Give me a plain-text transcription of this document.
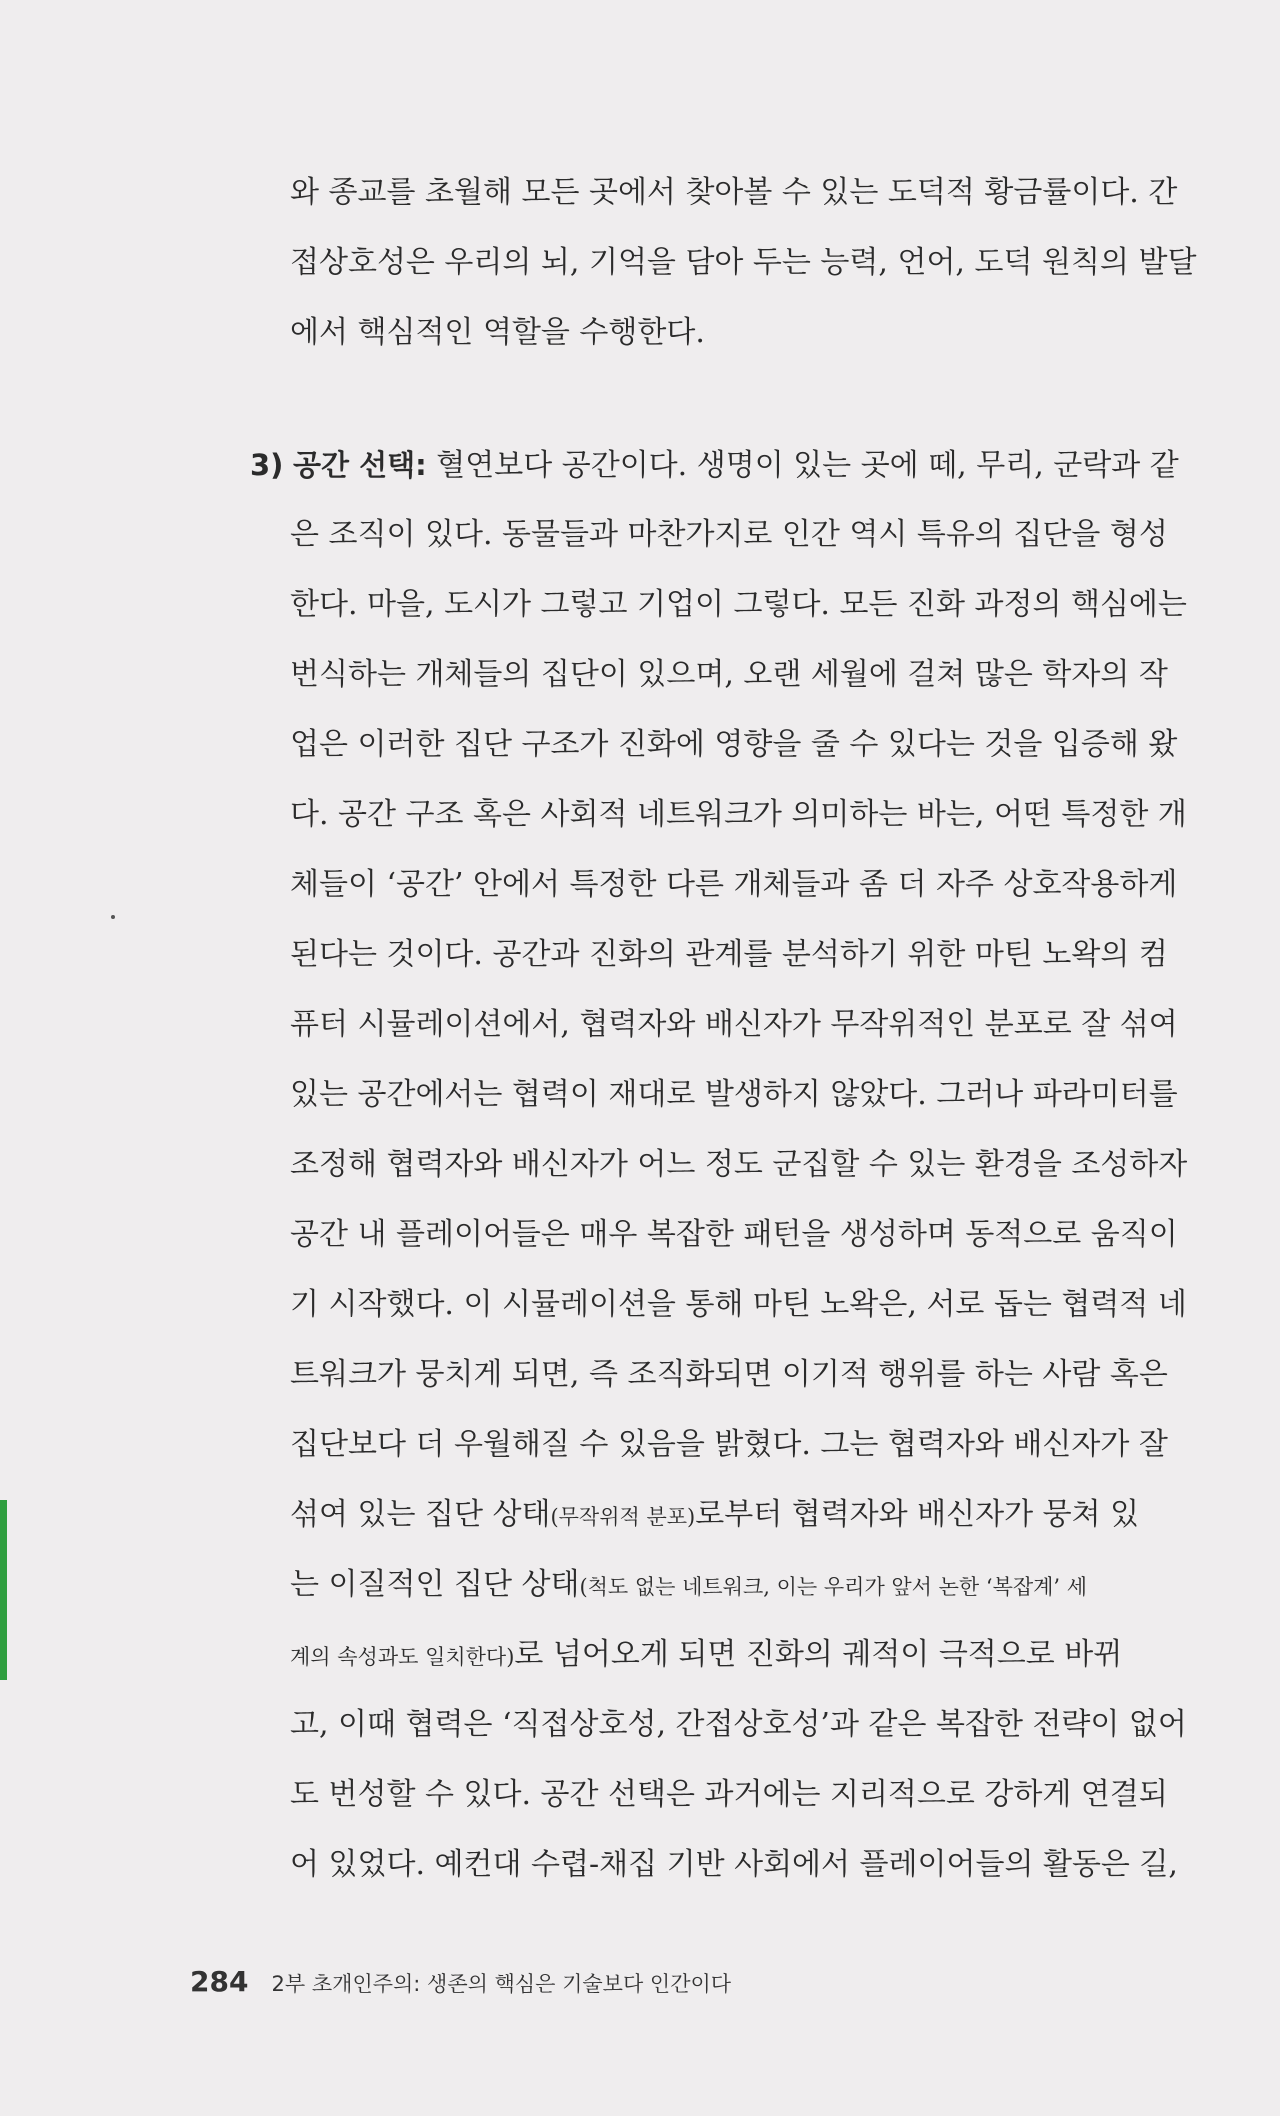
와 종교를 초월해 모든 곳에서 찾아볼 수 있는 도덕적 황금률이다. 간
접상호성은 우리의 뇌, 기억을 담아 두는 능력, 언어, 도덕 원칙의 발달
에서 핵심적인 역할을 수행한다.
3) 공간 선택: 혈연보다 공간이다. 생명이 있는 곳에 떼, 무리, 군락과 같
은 조직이 있다. 동물들과 마찬가지로 인간 역시 특유의 집단을 형성
한다. 마을, 도시가 그렇고 기업이 그렇다. 모든 진화 과정의 핵심에는
번식하는 개체들의 집단이 있으며, 오랜 세월에 걸쳐 많은 학자의 작
업은 이러한 집단 구조가 진화에 영향을 줄 수 있다는 것을 입증해 왔
다. 공간 구조 혹은 사회적 네트워크가 의미하는 바는, 어떤 특정한 개
체들이 ‘공간’ 안에서 특정한 다른 개체들과 좀 더 자주 상호작용하게
된다는 것이다. 공간과 진화의 관계를 분석하기 위한 마틴 노왁의 컴
퓨터 시뮬레이션에서, 협력자와 배신자가 무작위적인 분포로 잘 섞여
있는 공간에서는 협력이 재대로 발생하지 않았다. 그러나 파라미터를
조정해 협력자와 배신자가 어느 정도 군집할 수 있는 환경을 조성하자
공간 내 플레이어들은 매우 복잡한 패턴을 생성하며 동적으로 움직이
기 시작했다. 이 시뮬레이션을 통해 마틴 노왁은, 서로 돕는 협력적 네
트워크가 뭉치게 되면, 즉 조직화되면 이기적 행위를 하는 사람 혹은
집단보다 더 우월해질 수 있음을 밝혔다. 그는 협력자와 배신자가 잘
섞여 있는 집단 상태(무작위적 분포)로부터 협력자와 배신자가 뭉쳐 있
는 이질적인 집단 상태(척도 없는 네트워크, 이는 우리가 앞서 논한 ‘복잡계’ 세
계의 속성과도 일치한다)로 넘어오게 되면 진화의 궤적이 극적으로 바뀌
고, 이때 협력은 ‘직접상호성, 간접상호성’과 같은 복잡한 전략이 없어
도 번성할 수 있다. 공간 선택은 과거에는 지리적으로 강하게 연결되
어 있었다. 예컨대 수렵-채집 기반 사회에서 플레이어들의 활동은 길,
284 2부 초개인주의: 생존의 핵심은 기술보다 인간이다
